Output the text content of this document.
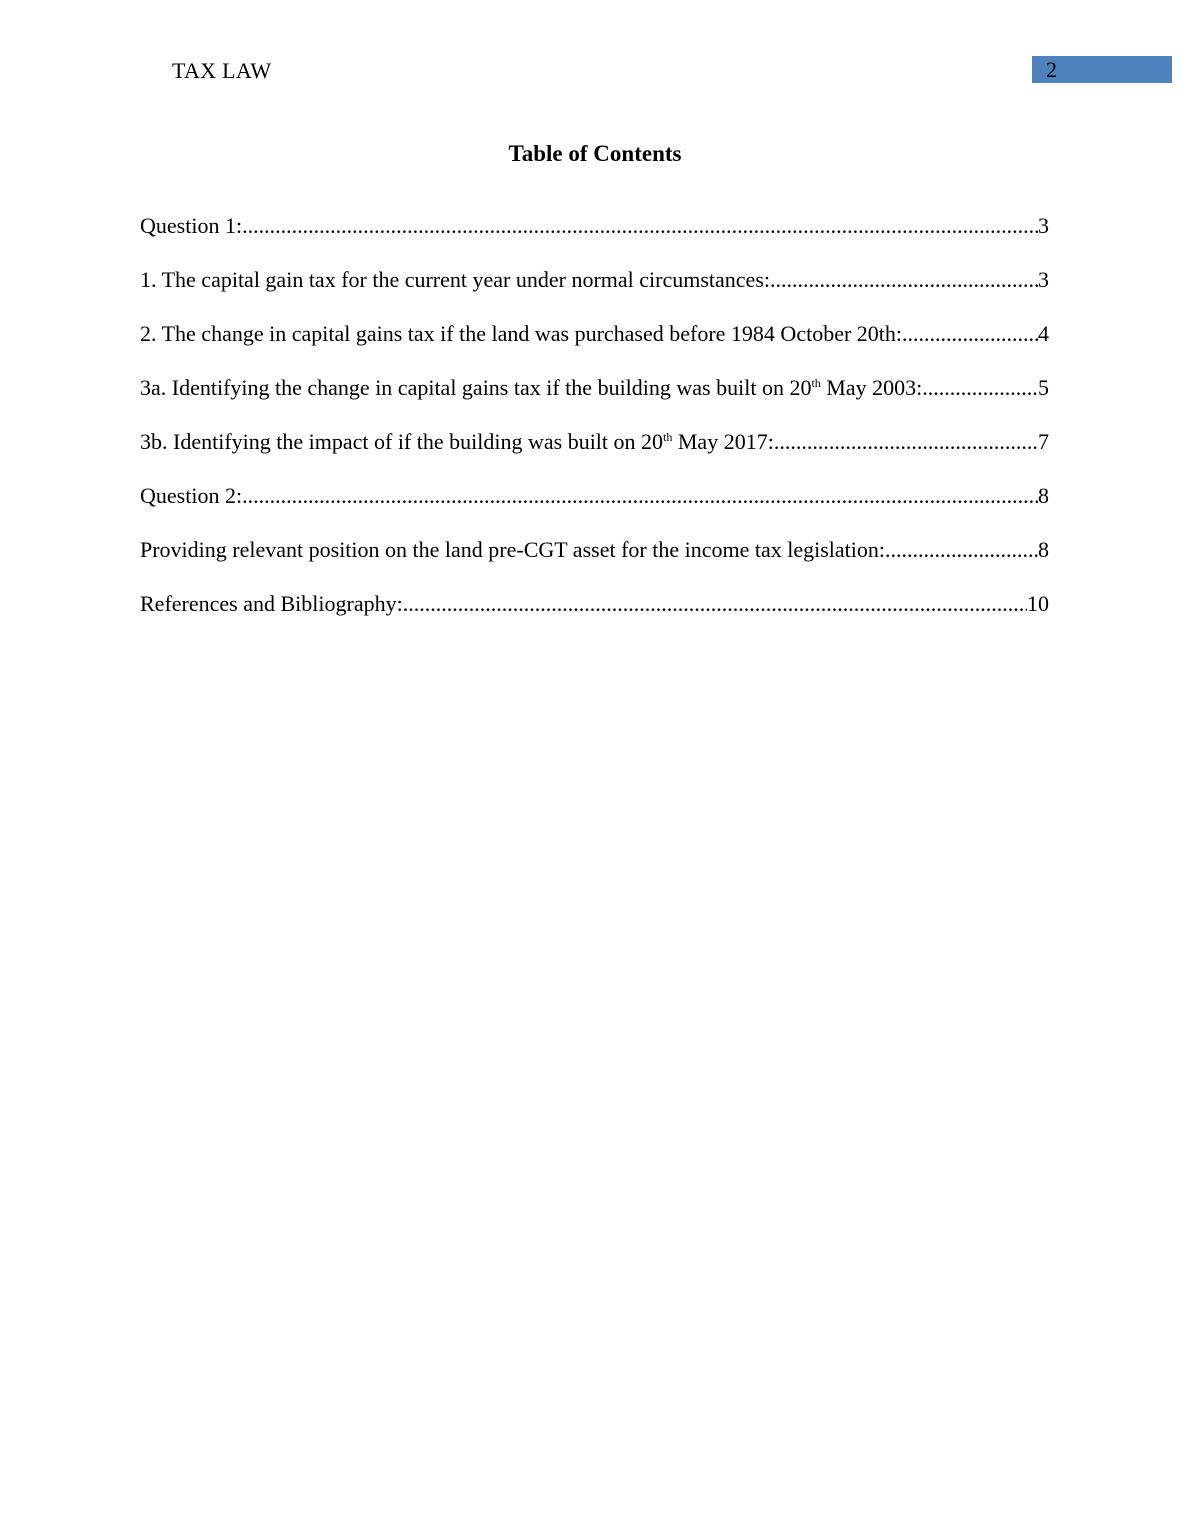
TAX LAW	2
Table of Contents
Question 1: .....	3
1. The capital gain tax for the current year under normal circumstances: .....	3
2. The change in capital gains tax if the land was purchased before 1984 October 20th: .....	4
3a. Identifying the change in capital gains tax if the building was built on 20th May 2003: .....	5
3b. Identifying the impact of if the building was built on 20th May 2017: .....	7
Question 2: .....	8
Providing relevant position on the land pre-CGT asset for the income tax legislation: .....	8
References and Bibliography: .....	10
